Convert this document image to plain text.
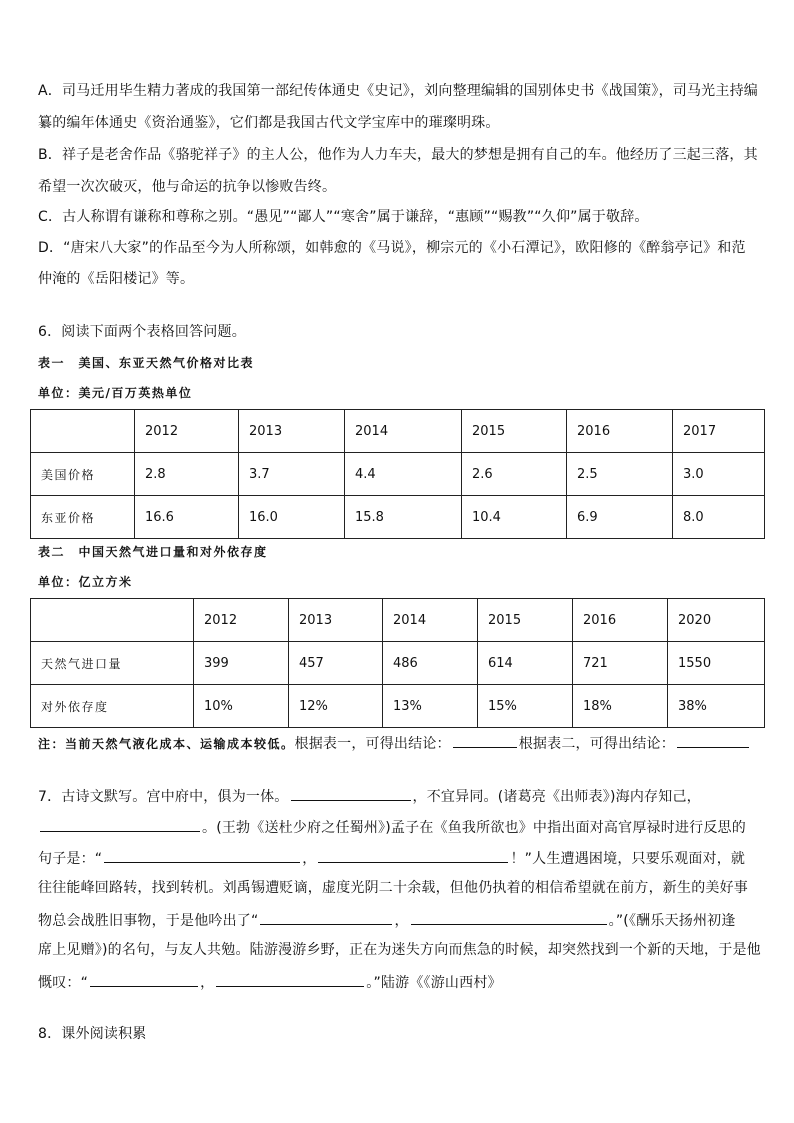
A．司马迁用毕生精力著成的我国第一部纪传体通史《史记》，刘向整理编辑的国别体史书《战国策》，司马光主持编
纂的编年体通史《资治通鉴》，它们都是我国古代文学宝库中的璀璨明珠。
B．祥子是老舍作品《骆驼祥子》的主人公，他作为人力车夫，最大的梦想是拥有自己的车。他经历了三起三落，其
希望一次次破灭，他与命运的抗争以惨败告终。
C．古人称谓有谦称和尊称之别。“愚见”“鄙人”“寒舍”属于谦辞，“惠顾”“赐教”“久仰”属于敬辞。
D．“唐宋八大家”的作品至今为人所称颂，如韩愈的《马说》，柳宗元的《小石潭记》，欧阳修的《醉翁亭记》和范
仲淹的《岳阳楼记》等。
6．阅读下面两个表格回答问题。
表一　美国、东亚天然气价格对比表
单位：美元/百万英热单位
	2012	2013	2014	2015	2016	2017
美国价格	2.8	3.7	4.4	2.6	2.5	3.0
东亚价格	16.6	16.0	15.8	10.4	6.9	8.0
表二　中国天然气进口量和对外依存度
单位：亿立方米
	2012	2013	2014	2015	2016	2020
天然气进口量	399	457	486	614	721	1550
对外依存度	10%	12%	13%	15%	18%	38%
注：当前天然气液化成本、运输成本较低。根据表一，可得出结论：	根据表二，可得出结论：
7．古诗文默写。宫中府中，俱为一体。	，不宜异同。(诸葛亮《出师表》)海内存知己，
。(王勃《送杜少府之任蜀州》)孟子在《鱼我所欲也》中指出面对高官厚禄时进行反思的
句子是：“	，	！”人生遭遇困境，只要乐观面对，就
往往能峰回路转，找到转机。刘禹锡遭贬谪，虚度光阴二十余载，但他仍执着的相信希望就在前方，新生的美好事
物总会战胜旧事物，于是他吟出了“	，	。”(《酬乐天扬州初逢
席上见赠》)的名句，与友人共勉。陆游漫游乡野，正在为迷失方向而焦急的时候，却突然找到一个新的天地，于是他
慨叹：“	，	。”陆游《《游山西村》
8．课外阅读积累
